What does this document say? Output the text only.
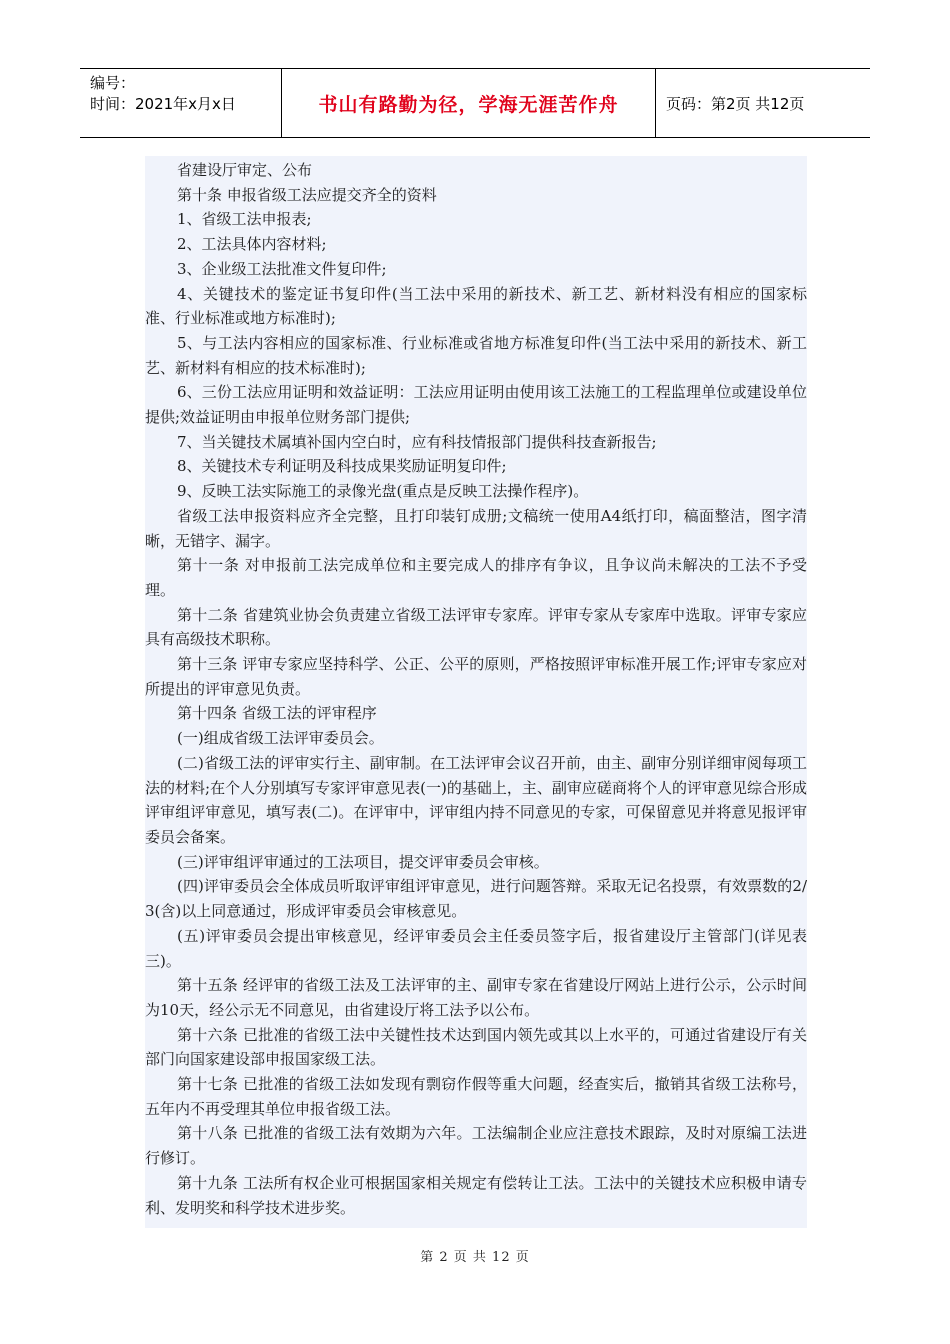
编号：
时间：2021年x月x日	书山有路勤为径，学海无涯苦作舟	页码：第2页 共12页

省建设厅审定、公布

第十条 申报省级工法应提交齐全的资料

1、省级工法申报表;

2、工法具体内容材料;

3、企业级工法批准文件复印件;

4、关键技术的鉴定证书复印件(当工法中采用的新技术、新工艺、新材料没有相应的国家标准、行业标准或地方标准时);

5、与工法内容相应的国家标准、行业标准或省地方标准复印件(当工法中采用的新技术、新工艺、新材料有相应的技术标准时);

6、三份工法应用证明和效益证明：工法应用证明由使用该工法施工的工程监理单位或建设单位提供;效益证明由申报单位财务部门提供;

7、当关键技术属填补国内空白时，应有科技情报部门提供科技查新报告;

8、关键技术专利证明及科技成果奖励证明复印件;

9、反映工法实际施工的录像光盘(重点是反映工法操作程序)。

省级工法申报资料应齐全完整，且打印装钉成册;文稿统一使用A4纸打印，稿面整洁，图字清晰，无错字、漏字。

第十一条 对申报前工法完成单位和主要完成人的排序有争议，且争议尚未解决的工法不予受理。

第十二条 省建筑业协会负责建立省级工法评审专家库。评审专家从专家库中选取。评审专家应具有高级技术职称。

第十三条 评审专家应坚持科学、公正、公平的原则，严格按照评审标准开展工作;评审专家应对所提出的评审意见负责。

第十四条 省级工法的评审程序

(一)组成省级工法评审委员会。

(二)省级工法的评审实行主、副审制。在工法评审会议召开前，由主、副审分别详细审阅每项工法的材料;在个人分别填写专家评审意见表(一)的基础上，主、副审应磋商将个人的评审意见综合形成评审组评审意见，填写表(二)。在评审中，评审组内持不同意见的专家，可保留意见并将意见报评审委员会备案。

(三)评审组评审通过的工法项目，提交评审委员会审核。

(四)评审委员会全体成员听取评审组评审意见，进行问题答辩。采取无记名投票，有效票数的2/3(含)以上同意通过，形成评审委员会审核意见。

(五)评审委员会提出审核意见，经评审委员会主任委员签字后，报省建设厅主管部门(详见表三)。

第十五条 经评审的省级工法及工法评审的主、副审专家在省建设厅网站上进行公示，公示时间为10天，经公示无不同意见，由省建设厅将工法予以公布。

第十六条 已批准的省级工法中关键性技术达到国内领先或其以上水平的，可通过省建设厅有关部门向国家建设部申报国家级工法。

第十七条 已批准的省级工法如发现有剽窃作假等重大问题，经查实后，撤销其省级工法称号，五年内不再受理其单位申报省级工法。

第十八条 已批准的省级工法有效期为六年。工法编制企业应注意技术跟踪，及时对原编工法进行修订。

第十九条 工法所有权企业可根据国家相关规定有偿转让工法。工法中的关键技术应积极申请专利、发明奖和科学技术进步奖。

第 2 页 共 12 页
